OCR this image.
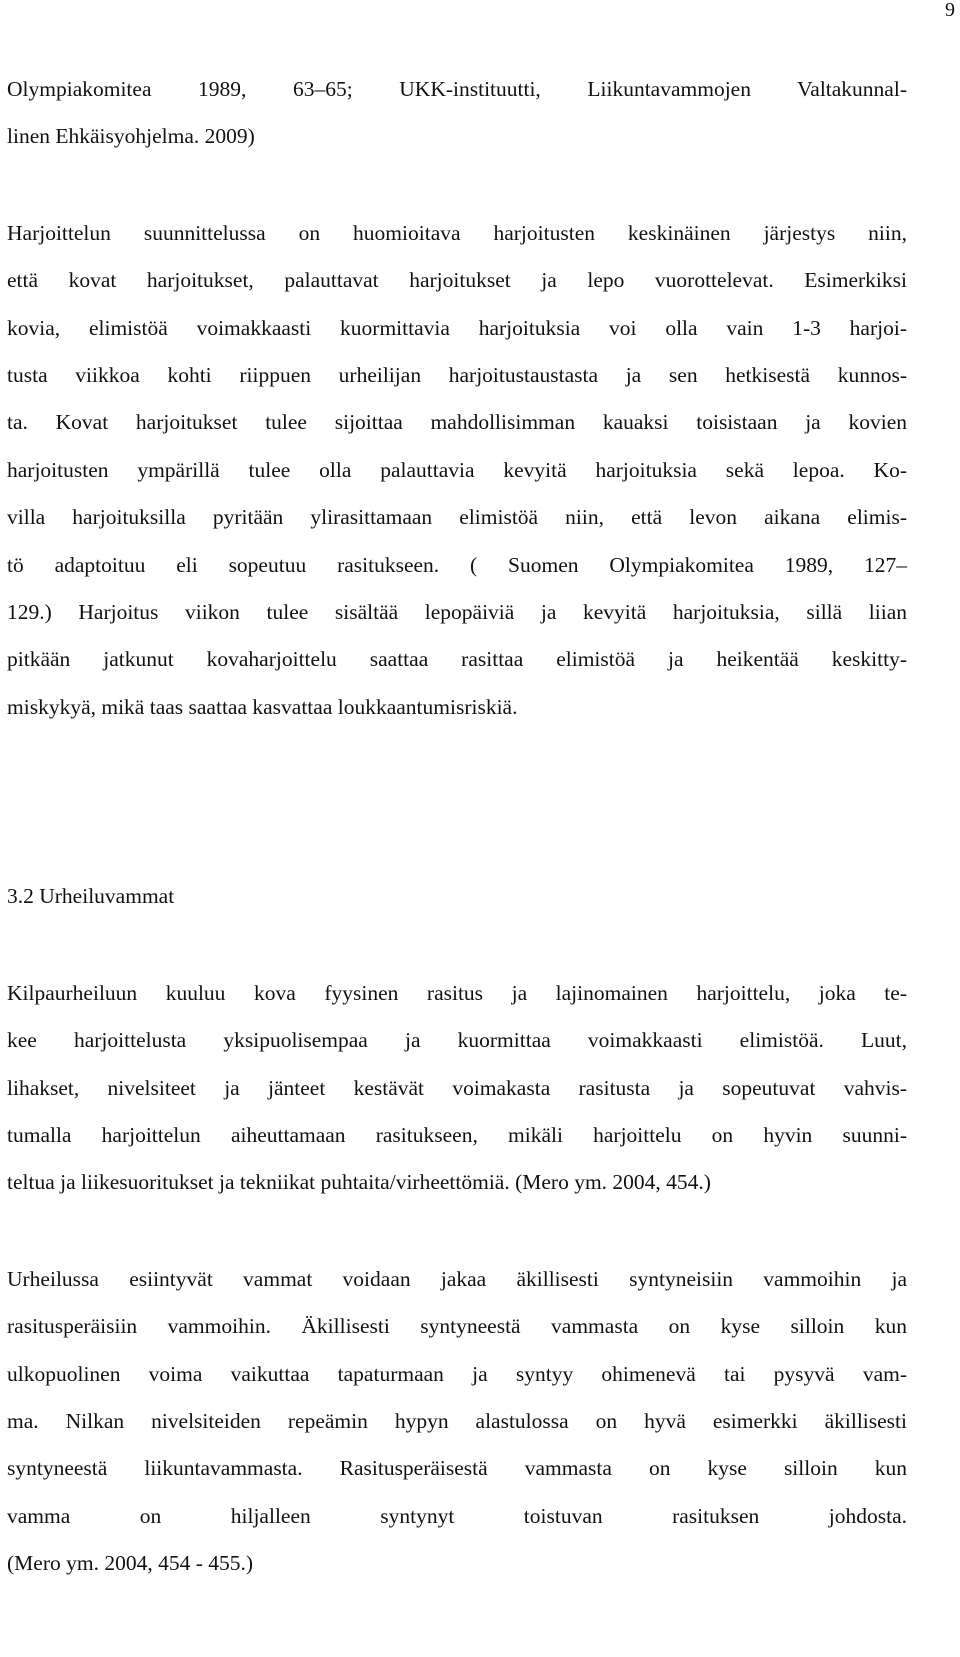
9

Olympiakomitea 1989, 63–65; UKK-instituutti, Liikuntavammojen Valtakunnal-
linen Ehkäisyohjelma. 2009)

Harjoittelun suunnittelussa on huomioitava harjoitusten keskinäinen järjestys niin,
että kovat harjoitukset, palauttavat harjoitukset ja lepo vuorottelevat. Esimerkiksi
kovia, elimistöä voimakkaasti kuormittavia harjoituksia voi olla vain 1-3 harjoi-
tusta viikkoa kohti riippuen urheilijan harjoitustaustasta ja sen hetkisestä kunnos-
ta. Kovat harjoitukset tulee sijoittaa mahdollisimman kauaksi toisistaan ja kovien
harjoitusten ympärillä tulee olla palauttavia kevyitä harjoituksia sekä lepoa. Ko-
villa harjoituksilla pyritään ylirasittamaan elimistöä niin, että levon aikana elimis-
tö adaptoituu eli sopeutuu rasitukseen. ( Suomen Olympiakomitea 1989, 127–
129.) Harjoitus viikon tulee sisältää lepopäiviä ja kevyitä harjoituksia, sillä liian
pitkään jatkunut kovaharjoittelu saattaa rasittaa elimistöä ja heikentää keskitty-
miskykyä, mikä taas saattaa kasvattaa loukkaantumisriskiä.

3.2 Urheiluvammat

Kilpaurheiluun kuuluu kova fyysinen rasitus ja lajinomainen harjoittelu, joka te-
kee harjoittelusta yksipuolisempaa ja kuormittaa voimakkaasti elimistöä. Luut,
lihakset, nivelsiteet ja jänteet kestävät voimakasta rasitusta ja sopeutuvat vahvis-
tumalla harjoittelun aiheuttamaan rasitukseen, mikäli harjoittelu on hyvin suunni-
teltua ja liikesuoritukset ja tekniikat puhtaita/virheettömiä. (Mero ym. 2004, 454.)

Urheilussa esiintyvät vammat voidaan jakaa äkillisesti syntyneisiin vammoihin ja
rasitusperäisiin vammoihin. Äkillisesti syntyneestä vammasta on kyse silloin kun
ulkopuolinen voima vaikuttaa tapaturmaan ja syntyy ohimenevä tai pysyvä vam-
ma. Nilkan nivelsiteiden repeämin hypyn alastulossa on hyvä esimerkki äkillisesti
syntyneestä liikuntavammasta. Rasitusperäisestä vammasta on kyse silloin kun
vamma on hiljalleen syntynyt toistuvan rasituksen johdosta.
(Mero ym. 2004, 454 - 455.)
